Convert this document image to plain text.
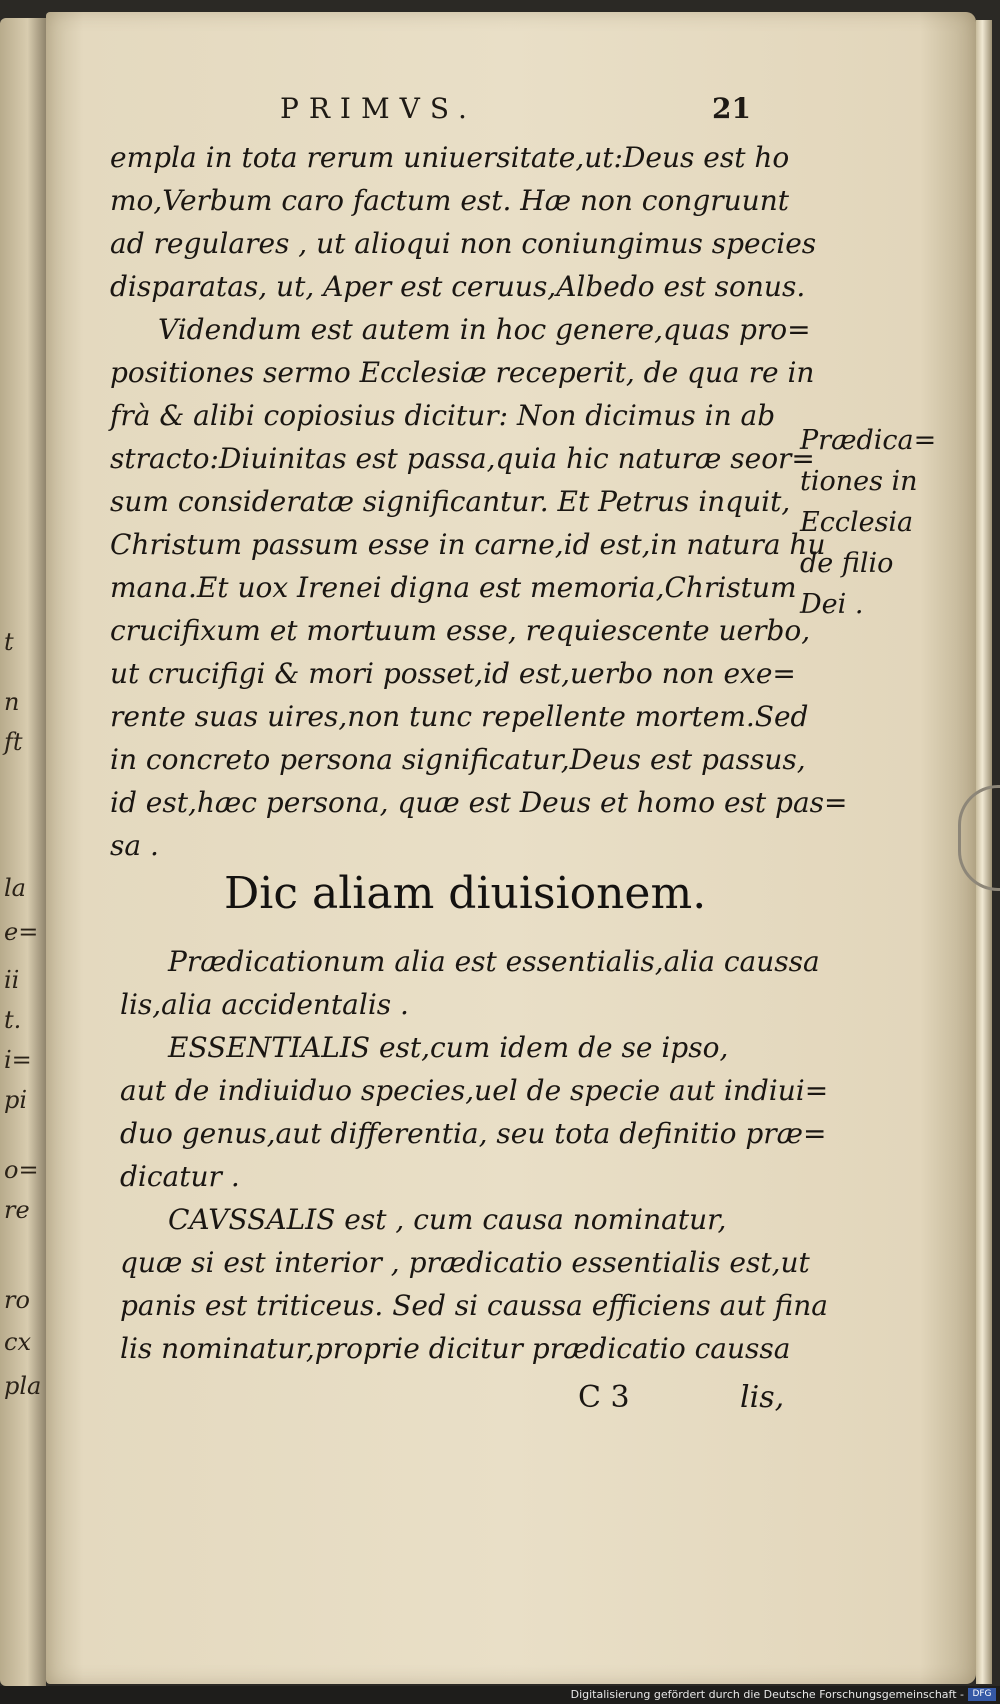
t
n
ft
la
e=
ii
t.
i=
pi
o=
re
ro
cx
pla
PRIMVS.	21
empla in tota rerum uniuersitate,ut:Deus est ho
mo,Verbum caro factum est. Hæ non congruunt
ad regulares , ut alioqui non coniungimus species
disparatas, ut, Aper est ceruus,Albedo est sonus.
Videndum est autem in hoc genere,quas pro=
positiones sermo Ecclesiæ receperit, de qua re in
frà & alibi copiosius dicitur: Non dicimus in ab
stracto:Diuinitas est passa,quia hic naturæ seor=
sum consideratæ significantur. Et Petrus inquit,
Christum passum esse in carne,id est,in natura hu
mana.Et uox Irenei digna est memoria,Christum
crucifixum et mortuum esse, requiescente uerbo,
ut crucifigi & mori posset,id est,uerbo non exe=
rente suas uires,non tunc repellente mortem.Sed
in concreto persona significatur,Deus est passus,
id est,hæc persona, quæ est Deus et homo est pas=
sa .
Prædica=
tiones in
Ecclesia
de filio
Dei .
Dic aliam diuisionem.
Prædicationum alia est essentialis,alia caussa
lis,alia accidentalis .
ESSENTIALIS est,cum idem de se ipso,
aut de indiuiduo species,uel de specie aut indiui=
duo genus,aut differentia, seu tota definitio præ=
dicatur .
CAVSSALIS est , cum causa nominatur,
quæ si est interior , prædicatio essentialis est,ut
panis est triticeus. Sed si caussa efficiens aut fina
lis nominatur,proprie dicitur prædicatio caussa
C 3	lis,
Digitalisierung gefördert durch die Deutsche Forschungsgemeinschaft - DFG
